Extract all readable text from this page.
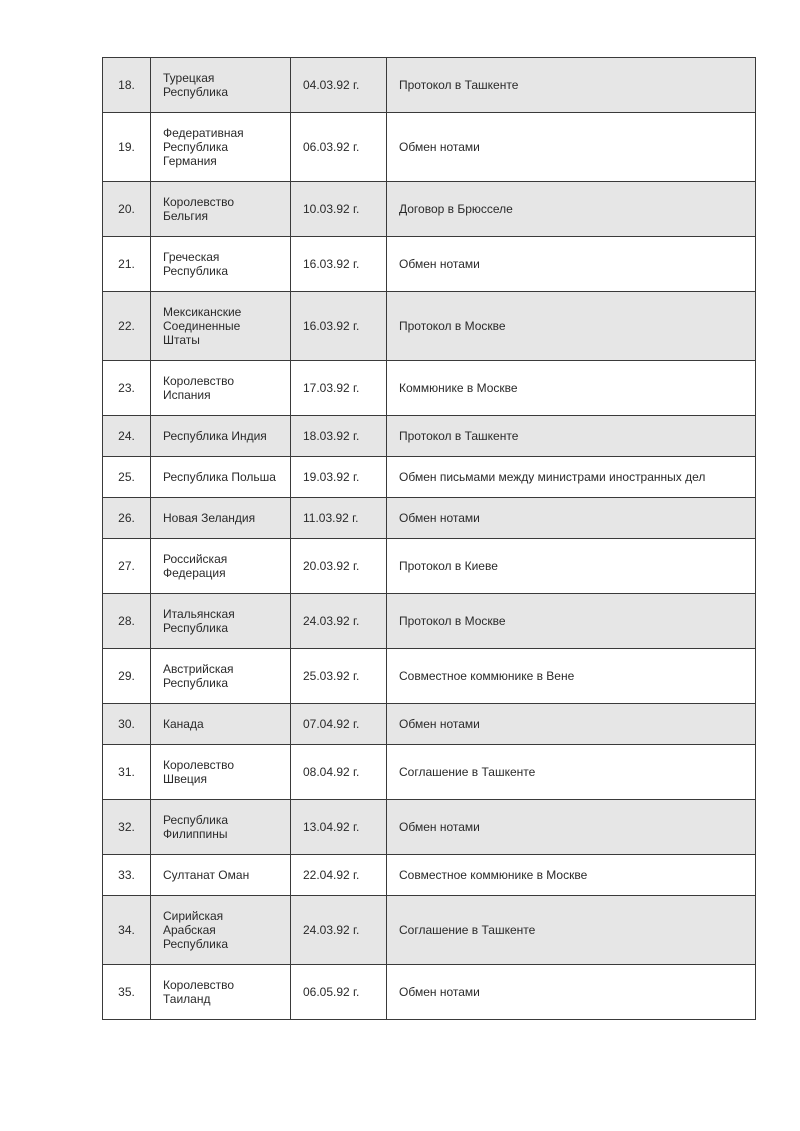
18.	Турецкая
Республика	04.03.92 г.	Протокол в Ташкенте
19.	Федеративная
Республика
Германия	06.03.92 г.	Обмен нотами
20.	Королевство
Бельгия	10.03.92 г.	Договор в Брюсселе
21.	Греческая
Республика	16.03.92 г.	Обмен нотами
22.	Мексиканские
Соединенные
Штаты	16.03.92 г.	Протокол в Москве
23.	Королевство
Испания	17.03.92 г.	Коммюнике в Москве
24.	Республика Индия	18.03.92 г.	Протокол в Ташкенте
25.	Республика Польша	19.03.92 г.	Обмен письмами между министрами иностранных дел
26.	Новая Зеландия	11.03.92 г.	Обмен нотами
27.	Российская
Федерация	20.03.92 г.	Протокол в Киеве
28.	Итальянская
Республика	24.03.92 г.	Протокол в Москве
29.	Австрийская
Республика	25.03.92 г.	Совместное коммюнике в Вене
30.	Канада	07.04.92 г.	Обмен нотами
31.	Королевство
Швеция	08.04.92 г.	Соглашение в Ташкенте
32.	Республика
Филиппины	13.04.92 г.	Обмен нотами
33.	Султанат Оман	22.04.92 г.	Совместное коммюнике в Москве
34.	Сирийская
Арабская
Республика	24.03.92 г.	Соглашение в Ташкенте
35.	Королевство
Таиланд	06.05.92 г.	Обмен нотами
